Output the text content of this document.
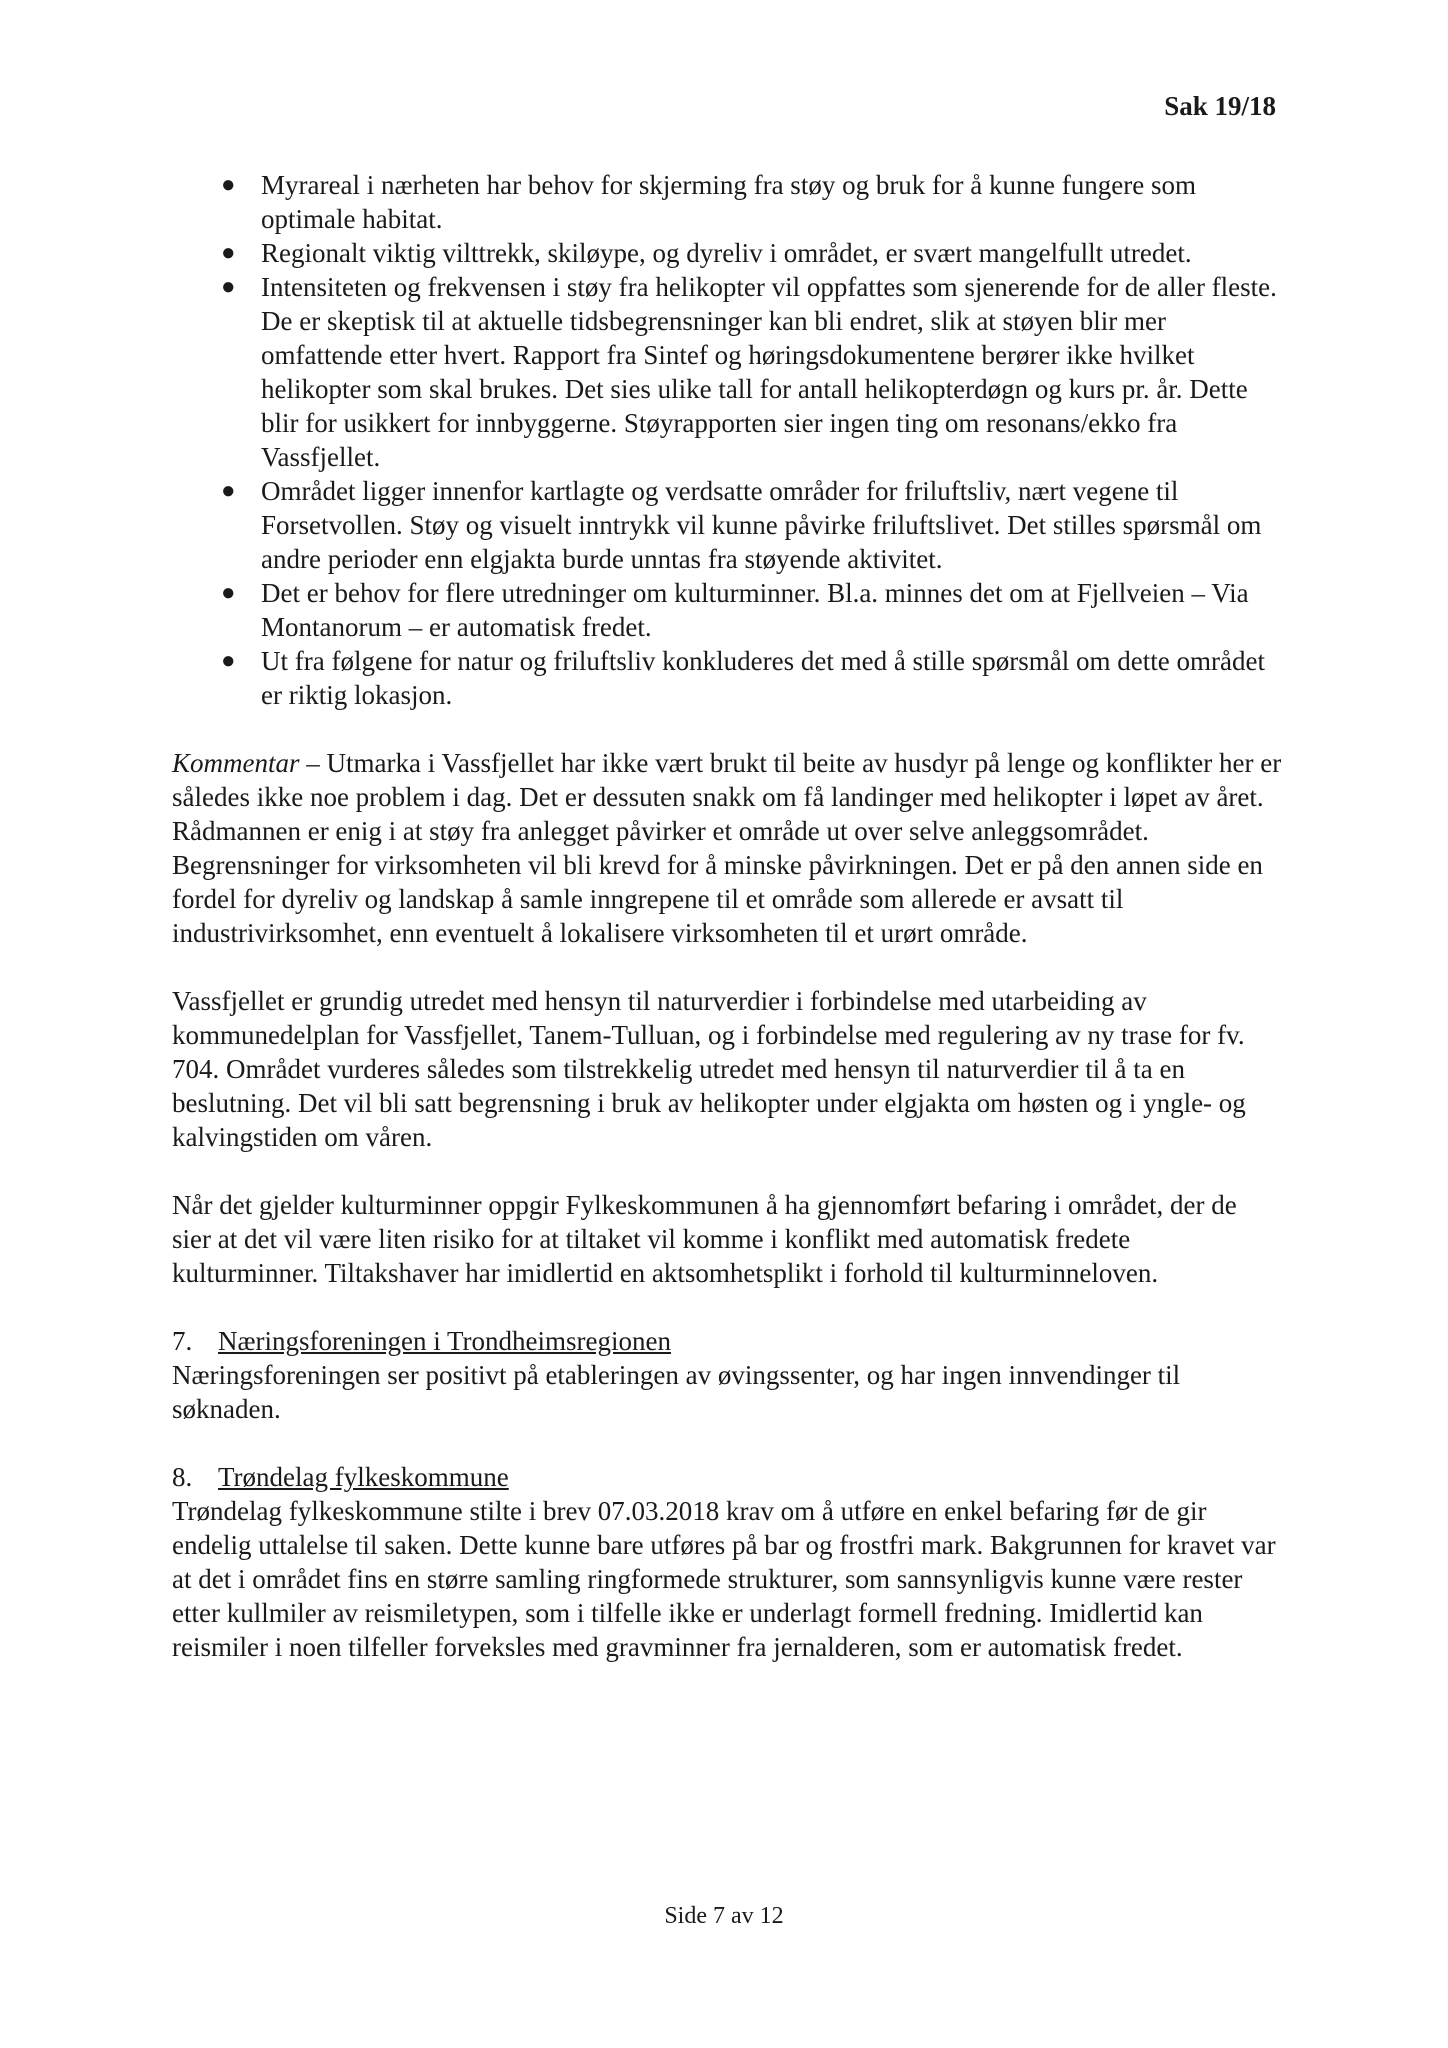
Sak 19/18
● Myrareal i nærheten har behov for skjerming fra støy og bruk for å kunne fungere som optimale habitat.
● Regionalt viktig vilttrekk, skiløype, og dyreliv i området, er svært mangelfullt utredet.
● Intensiteten og frekvensen i støy fra helikopter vil oppfattes som sjenerende for de aller fleste. De er skeptisk til at aktuelle tidsbegrensninger kan bli endret, slik at støyen blir mer omfattende etter hvert. Rapport fra Sintef og høringsdokumentene berører ikke hvilket helikopter som skal brukes. Det sies ulike tall for antall helikopterdøgn og kurs pr. år. Dette blir for usikkert for innbyggerne. Støyrapporten sier ingen ting om resonans/ekko fra Vassfjellet.
● Området ligger innenfor kartlagte og verdsatte områder for friluftsliv, nært vegene til Forsetvollen. Støy og visuelt inntrykk vil kunne påvirke friluftslivet. Det stilles spørsmål om andre perioder enn elgjakta burde unntas fra støyende aktivitet.
● Det er behov for flere utredninger om kulturminner. Bl.a. minnes det om at Fjellveien – Via Montanorum – er automatisk fredet.
● Ut fra følgene for natur og friluftsliv konkluderes det med å stille spørsmål om dette området er riktig lokasjon.

Kommentar – Utmarka i Vassfjellet har ikke vært brukt til beite av husdyr på lenge og konflikter her er således ikke noe problem i dag. Det er dessuten snakk om få landinger med helikopter i løpet av året. Rådmannen er enig i at støy fra anlegget påvirker et område ut over selve anleggsområdet. Begrensninger for virksomheten vil bli krevd for å minske påvirkningen. Det er på den annen side en fordel for dyreliv og landskap å samle inngrepene til et område som allerede er avsatt til industrivirksomhet, enn eventuelt å lokalisere virksomheten til et urørt område.

Vassfjellet er grundig utredet med hensyn til naturverdier i forbindelse med utarbeiding av kommunedelplan for Vassfjellet, Tanem-Tulluan, og i forbindelse med regulering av ny trase for fv. 704. Området vurderes således som tilstrekkelig utredet med hensyn til naturverdier til å ta en beslutning. Det vil bli satt begrensning i bruk av helikopter under elgjakta om høsten og i yngle- og kalvingstiden om våren.

Når det gjelder kulturminner oppgir Fylkeskommunen å ha gjennomført befaring i området, der de sier at det vil være liten risiko for at tiltaket vil komme i konflikt med automatisk fredete kulturminner. Tiltakshaver har imidlertid en aktsomhetsplikt i forhold til kulturminneloven.

7. Næringsforeningen i Trondheimsregionen

Næringsforeningen ser positivt på etableringen av øvingssenter, og har ingen innvendinger til søknaden.

8. Trøndelag fylkeskommune

Trøndelag fylkeskommune stilte i brev 07.03.2018 krav om å utføre en enkel befaring før de gir endelig uttalelse til saken. Dette kunne bare utføres på bar og frostfri mark. Bakgrunnen for kravet var at det i området fins en større samling ringformede strukturer, som sannsynligvis kunne være rester etter kullmiler av reismiletypen, som i tilfelle ikke er underlagt formell fredning. Imidlertid kan reismiler i noen tilfeller forveksles med gravminner fra jernalderen, som er automatisk fredet.

Side 7 av 12
